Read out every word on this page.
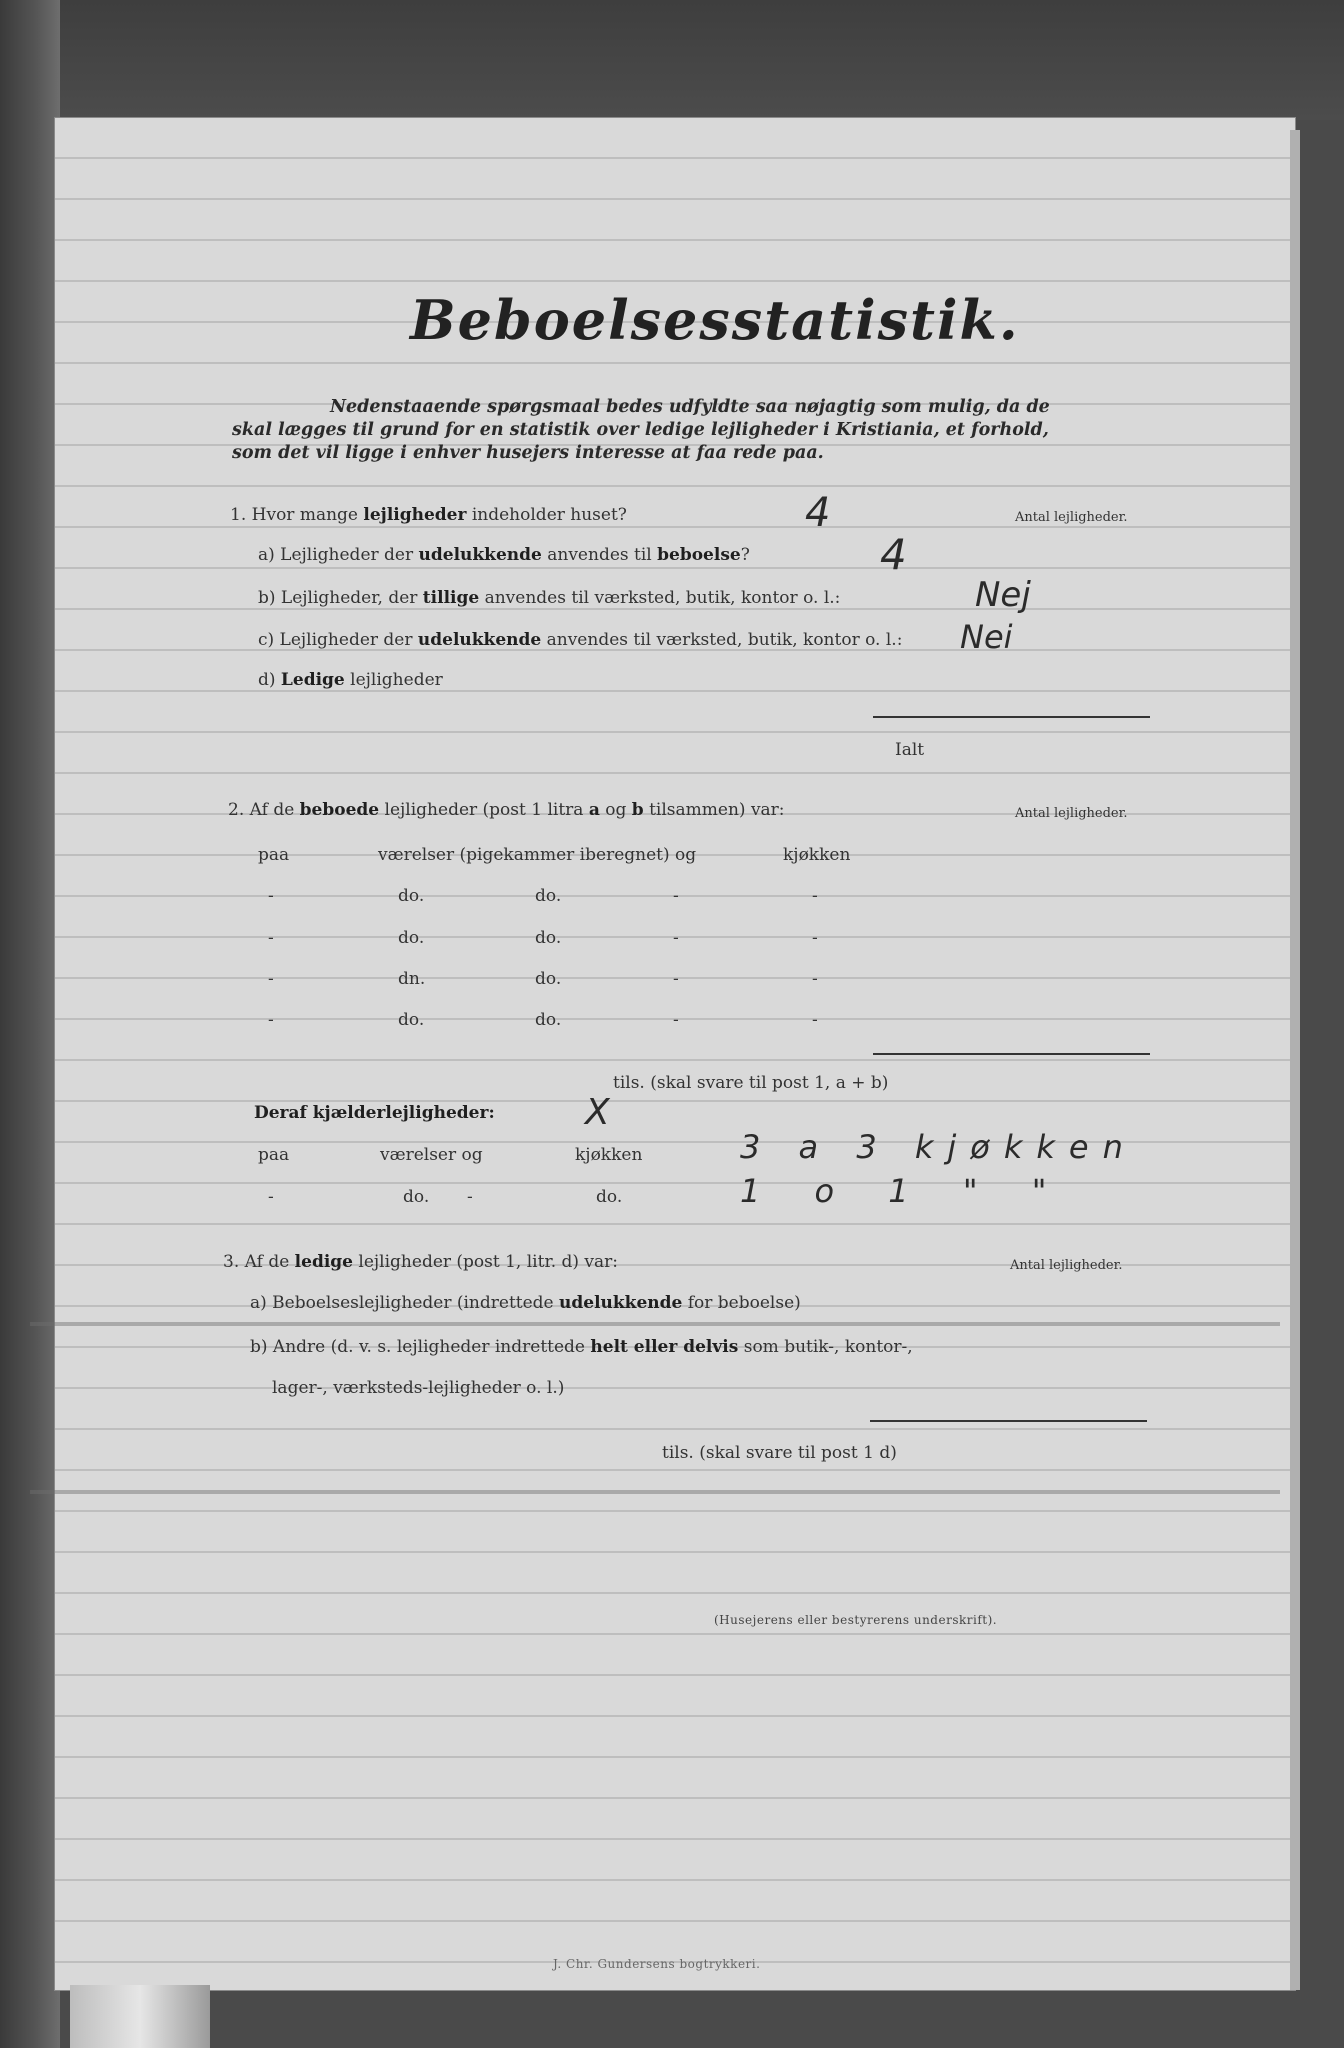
Beboelsesstatistik.
Nedenstaaende spørgsmaal bedes udfyldte saa nøjagtig som mulig, da de
skal lægges til grund for en statistik over ledige lejligheder i Kristiania, et forhold,
som det vil ligge i enhver husejers interesse at faa rede paa.
1. Hvor mange lejligheder indeholder huset?	4	Antal lejligheder.
a) Lejligheder der udelukkende anvendes til beboelse?	4
b) Lejligheder, der tillige anvendes til værksted, butik, kontor o. l.:	Nej
c) Lejligheder der udelukkende anvendes til værksted, butik, kontor o. l.: Nei
d) Ledige lejligheder
Ialt
2. Af de beboede lejligheder (post 1 litra a og b tilsammen) var:	Antal lejligheder.
paa	værelser (pigekammer iberegnet) og	kjøkken
-	do.	do.	-	-
-	do.	do.	-	-
-	dn.	do.	-	-
-	do.	do.	-	-
tils. (skal svare til post 1, a + b)
Deraf kjælderlejligheder:	X
paa	værelser og	kjøkken	3 a 3 kjøkken
-	do. -	do.	1 o 1 " "
3. Af de ledige lejligheder (post 1, litr. d) var:	Antal lejligheder.
a) Beboelseslejligheder (indrettede udelukkende for beboelse)
b) Andre (d. v. s. lejligheder indrettede helt eller delvis som butik-, kontor-,
lager-, værksteds-lejligheder o. l.)
tils. (skal svare til post 1 d)
(Husejerens eller bestyrerens underskrift).
J. Chr. Gundersens bogtrykkeri.
